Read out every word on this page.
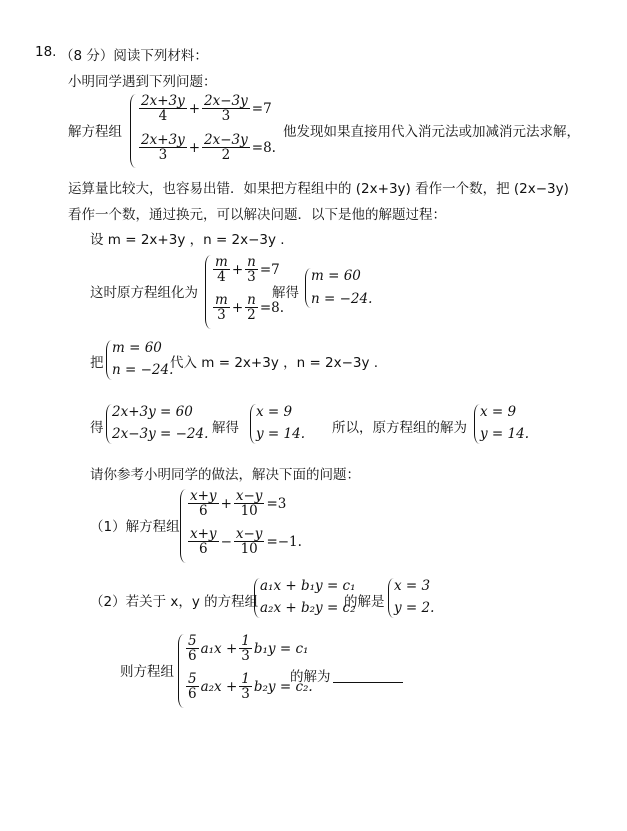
18. （8 分）阅读下列材料：
小明同学遇到下列问题：
解方程组
$\frac{2x+3y}{4} + \frac{2x-3y}{3} =7$
$\frac{2x+3y}{3} + \frac{2x-3y}{2} =8$.
他发现如果直接用代入消元法或加减消元法求解，
运算量比较大，也容易出错．如果把方程组中的 (2x+3y) 看作一个数，把 (2x−3y)
看作一个数，通过换元，可以解决问题．以下是他的解题过程：
设 m = 2x+3y ，n = 2x−3y .
这时原方程组化为
$\frac{m}{4} + \frac{n}{3} =7$
$\frac{m}{3} + \frac{n}{2} =8$.
解得
m = 60
n = −24.
把
m = 60
n = −24.
代入 m = 2x+3y ，n = 2x−3y .
得
2x+3y = 60
2x−3y = −24. 解得
x = 9
y = 14. 所以，原方程组的解为
x = 9
y = 14.
请你参考小明同学的做法，解决下面的问题：
（1）解方程组
$\frac{x+y}{6} + \frac{x-y}{10} =3$
$\frac{x+y}{6} - \frac{x-y}{10} =-1$.
（2）若关于 x，y 的方程组
a₁x + b₁y = c₁
a₂x + b₂y = c₂
的解是
x = 3
y = 2.
则方程组
$\frac{5}{6} a_1x + \frac{1}{3} b_1y = c_1$
$\frac{5}{6} a_2x + \frac{1}{3} b_2y = c_2$.
的解为
